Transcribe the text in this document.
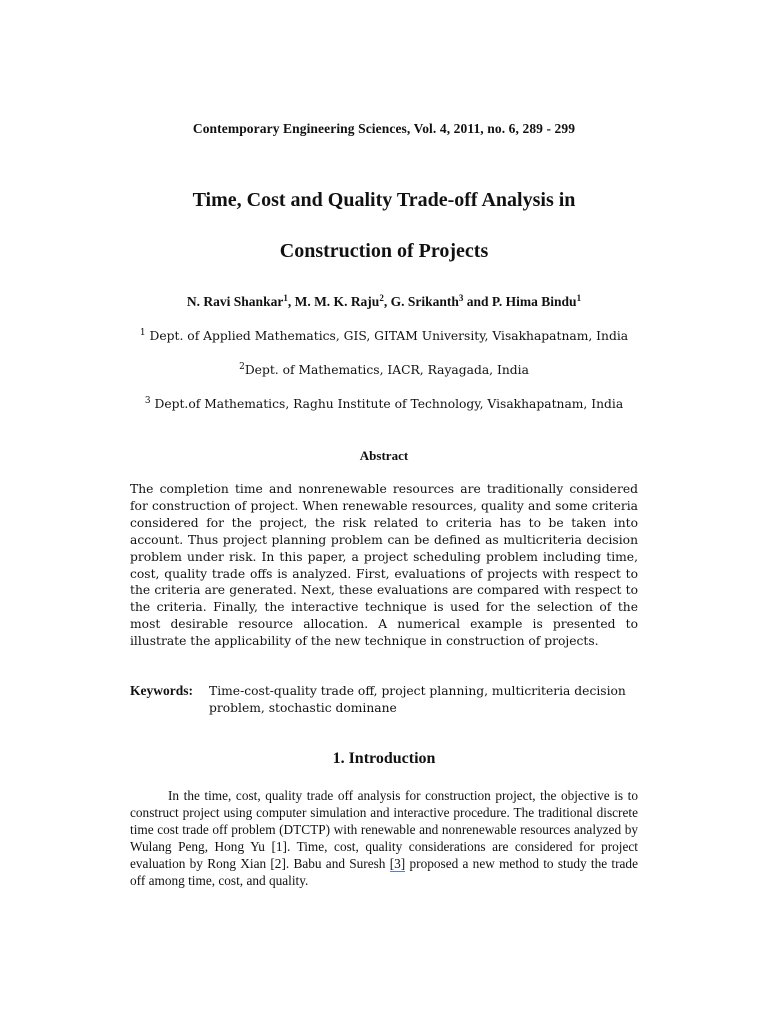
Contemporary Engineering Sciences, Vol. 4, 2011, no. 6, 289 - 299
Time, Cost and Quality Trade-off Analysis in
Construction of Projects
N. Ravi Shankar$^1$, M. M. K. Raju$^2$, G. Srikanth$^3$ and P. Hima Bindu$^1$
$^1$ Dept. of Applied Mathematics, GIS, GITAM University, Visakhapatnam, India
$^2$Dept. of Mathematics, IACR, Rayagada, India
$^3$ Dept.of Mathematics, Raghu Institute of Technology, Visakhapatnam, India
Abstract
The completion time and nonrenewable resources are traditionally considered for construction of project. When renewable resources, quality and some criteria considered for the project, the risk related to criteria has to be taken into account. Thus project planning problem can be defined as multicriteria decision problem under risk. In this paper, a project scheduling problem including time, cost, quality trade offs is analyzed. First, evaluations of projects with respect to the criteria are generated. Next, these evaluations are compared with respect to the criteria. Finally, the interactive technique is used for the selection of the most desirable resource allocation. A numerical example is presented to illustrate the applicability of the new technique in construction of projects.
Keywords: Time-cost-quality trade off, project planning, multicriteria decision
problem, stochastic dominane
1. Introduction
In the time, cost, quality trade off analysis for construction project, the objective is to construct project using computer simulation and interactive procedure. The traditional discrete time cost trade off problem (DTCTP) with renewable and nonrenewable resources analyzed by Wulang Peng, Hong Yu [1]. Time, cost, quality considerations are considered for project evaluation by Rong Xian [2]. Babu and Suresh [3] proposed a new method to study the trade off among time, cost, and quality.
